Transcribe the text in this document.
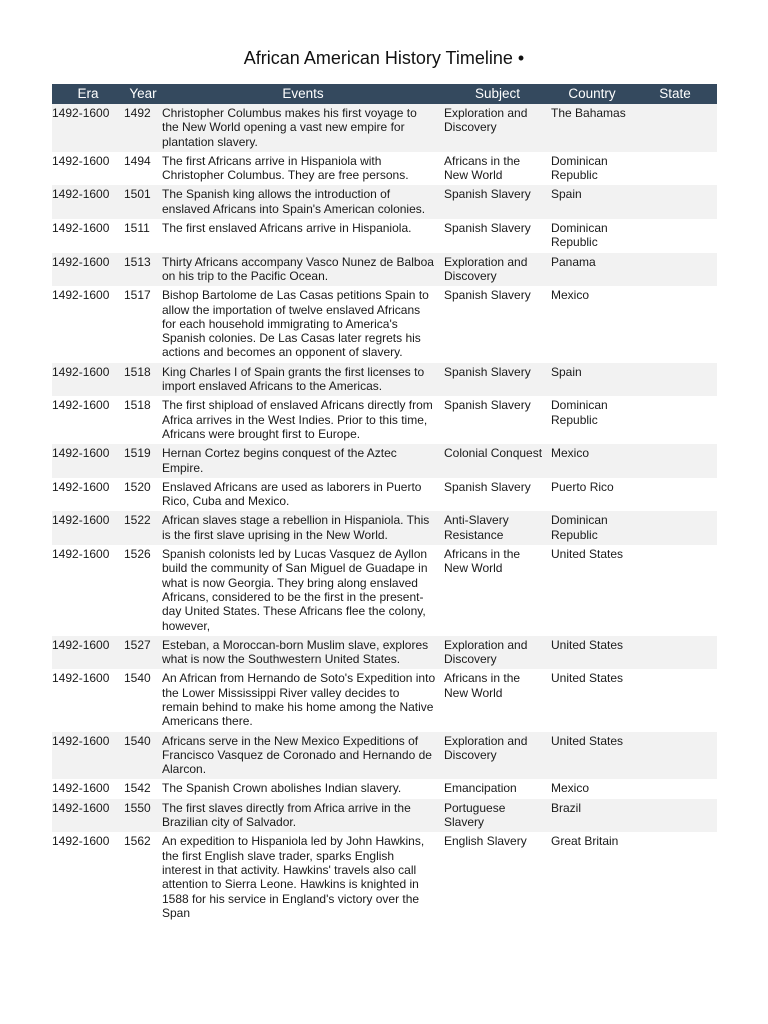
African American History Timeline •
Era	Year	Events	Subject	Country	State
1492-1600	1492	Christopher Columbus makes his first voyage to the New World opening a vast new empire for plantation slavery.	Exploration and Discovery	The Bahamas	
1492-1600	1494	The first Africans arrive in Hispaniola with Christopher Columbus. They are free persons.	Africans in the New World	Dominican Republic	
1492-1600	1501	The Spanish king allows the introduction of enslaved Africans into Spain's American colonies.	Spanish Slavery	Spain	
1492-1600	1511	The first enslaved Africans arrive in Hispaniola.	Spanish Slavery	Dominican Republic	
1492-1600	1513	Thirty Africans accompany Vasco Nunez de Balboa on his trip to the Pacific Ocean.	Exploration and Discovery	Panama	
1492-1600	1517	Bishop Bartolome de Las Casas petitions Spain to allow the importation of twelve enslaved Africans for each household immigrating to America's Spanish colonies. De Las Casas later regrets his actions and becomes an opponent of slavery.	Spanish Slavery	Mexico	
1492-1600	1518	King Charles I of Spain grants the first licenses to import enslaved Africans to the Americas.	Spanish Slavery	Spain	
1492-1600	1518	The first shipload of enslaved Africans directly from Africa arrives in the West Indies. Prior to this time, Africans were brought first to Europe.	Spanish Slavery	Dominican Republic	
1492-1600	1519	Hernan Cortez begins conquest of the Aztec Empire.	Colonial Conquest	Mexico	
1492-1600	1520	Enslaved Africans are used as laborers in Puerto Rico, Cuba and Mexico.	Spanish Slavery	Puerto Rico	
1492-1600	1522	African slaves stage a rebellion in Hispaniola. This is the first slave uprising in the New World.	Anti-Slavery Resistance	Dominican Republic	
1492-1600	1526	Spanish colonists led by Lucas Vasquez de Ayllon build the community of San Miguel de Guadape in what is now Georgia. They bring along enslaved Africans, considered to be the first in the present-day United States. These Africans flee the colony, however,	Africans in the New World	United States	
1492-1600	1527	Esteban, a Moroccan-born Muslim slave, explores what is now the Southwestern United States.	Exploration and Discovery	United States	
1492-1600	1540	An African from Hernando de Soto's Expedition into the Lower Mississippi River valley decides to remain behind to make his home among the Native Americans there.	Africans in the New World	United States	
1492-1600	1540	Africans serve in the New Mexico Expeditions of Francisco Vasquez de Coronado and Hernando de Alarcon.	Exploration and Discovery	United States	
1492-1600	1542	The Spanish Crown abolishes Indian slavery.	Emancipation	Mexico	
1492-1600	1550	The first slaves directly from Africa arrive in the Brazilian city of Salvador.	Portuguese Slavery	Brazil	
1492-1600	1562	An expedition to Hispaniola led by John Hawkins, the first English slave trader, sparks English interest in that activity. Hawkins' travels also call attention to Sierra Leone. Hawkins is knighted in 1588 for his service in England's victory over the Span	English Slavery	Great Britain	
